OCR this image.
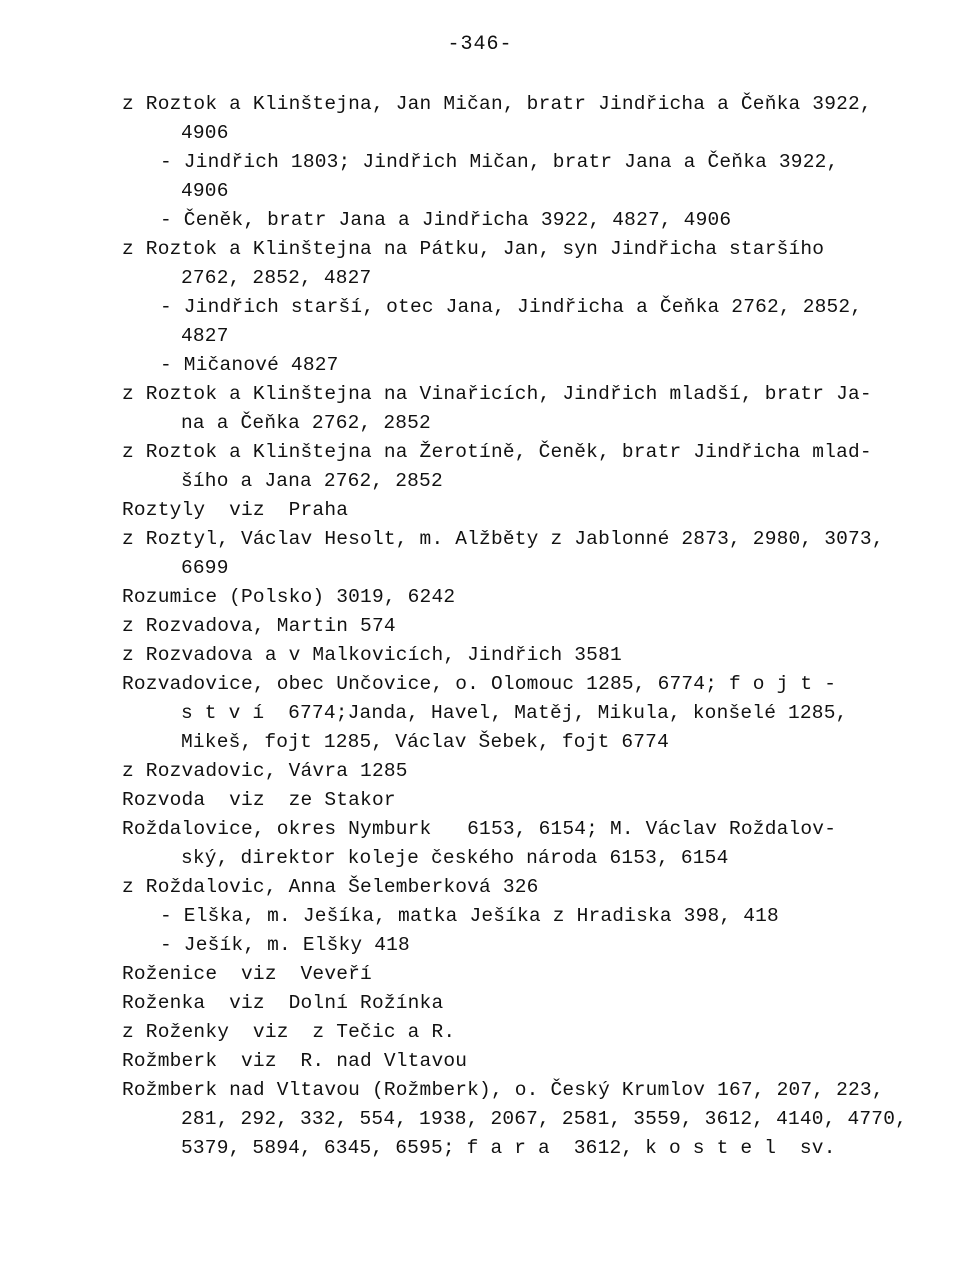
-346-
z Roztok a Klinštejna, Jan Mičan, bratr Jindřicha a Čeňka 3922,
4906
- Jindřich 1803; Jindřich Mičan, bratr Jana a Čeňka 3922,
4906
- Čeněk, bratr Jana a Jindřicha 3922, 4827, 4906
z Roztok a Klinštejna na Pátku, Jan, syn Jindřicha staršího
2762, 2852, 4827
- Jindřich starší, otec Jana, Jindřicha a Čeňka 2762, 2852,
4827
- Mičanové 4827
z Roztok a Klinštejna na Vinařicích, Jindřich mladší, bratr Ja-
na a Čeňka 2762, 2852
z Roztok a Klinštejna na Žerotíně, Čeněk, bratr Jindřicha mlad-
šího a Jana 2762, 2852
Roztyly  viz  Praha
z Roztyl, Václav Hesolt, m. Alžběty z Jablonné 2873, 2980, 3073,
6699
Rozumice (Polsko) 3019, 6242
z Rozvadova, Martin 574
z Rozvadova a v Malkovicích, Jindřich 3581
Rozvadovice, obec Unčovice, o. Olomouc 1285, 6774; f o j t -
s t v í  6774;Janda, Havel, Matěj, Mikula, konšelé 1285,
Mikeš, fojt 1285, Václav Šebek, fojt 6774
z Rozvadovic, Vávra 1285
Rozvoda  viz  ze Stakor
Roždalovice, okres Nymburk   6153, 6154; M. Václav Roždalov-
ský, direktor koleje českého národa 6153, 6154
z Roždalovic, Anna Šelemberková 326
- Elška, m. Ješíka, matka Ješíka z Hradiska 398, 418
- Ješík, m. Elšky 418
Roženice  viz  Veveří
Roženka  viz  Dolní Rožínka
z Roženky  viz  z Tečic a R.
Rožmberk  viz  R. nad Vltavou
Rožmberk nad Vltavou (Rožmberk), o. Český Krumlov 167, 207, 223,
281, 292, 332, 554, 1938, 2067, 2581, 3559, 3612, 4140, 4770,
5379, 5894, 6345, 6595; f a r a  3612, k o s t e l  sv.
